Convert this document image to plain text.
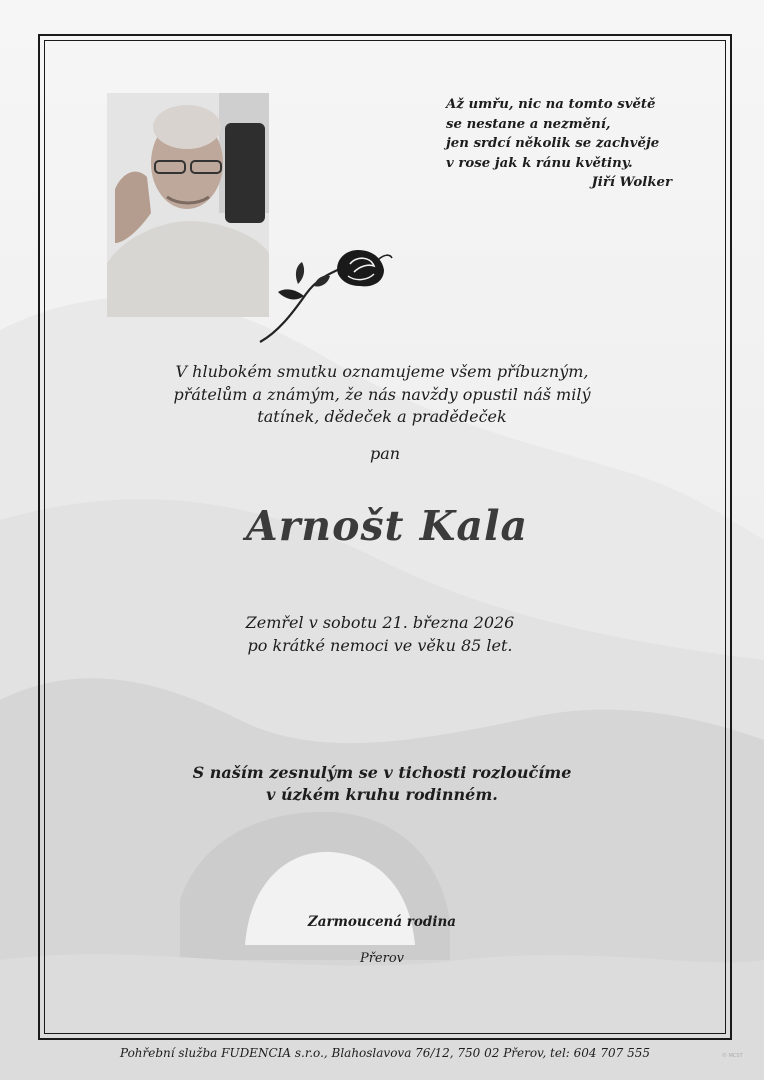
Až umřu, nic na tomto světě
se nestane a nezmění,
jen srdcí několik se zachvěje
v rose jak k ránu květiny.
Jiří Wolker
V hlubokém smutku oznamujeme všem příbuzným,
přátelům a známým, že nás navždy opustil náš milý
tatínek, dědeček a pradědeček
pan
Arnošt Kala
Zemřel v sobotu 21. března 2026
po krátké nemoci ve věku 85 let.
S naším zesnulým se v tichosti rozloučíme
v úzkém kruhu rodinném.
Zarmoucená rodina
Přerov
Pohřební služba FUDENCIA s.r.o., Blahoslavova 76/12, 750 02 Přerov, tel: 604 707 555	© MCST
